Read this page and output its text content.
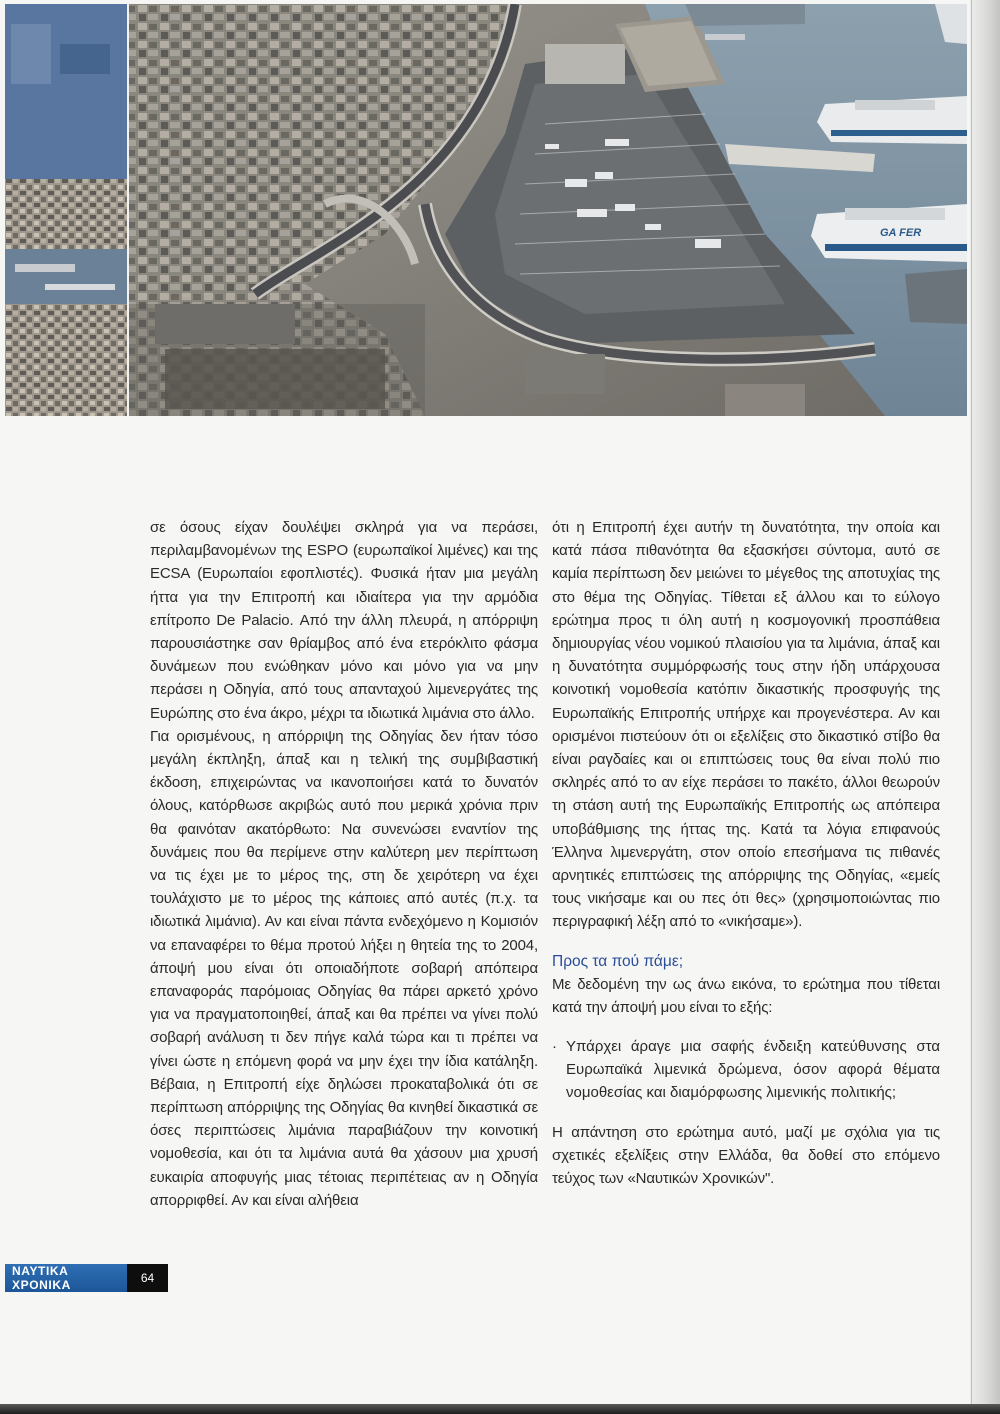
GA FER

σε όσους είχαν δουλέψει σκληρά για να περάσει, περιλαμβανομένων της ESPO (ευρωπαϊκοί λιμένες) και της ECSA (Ευρωπαίοι εφοπλιστές). Φυσικά ήταν μια μεγάλη ήττα για την Επιτροπή και ιδιαίτερα για την αρμόδια επίτροπο De Palacio. Από την άλλη πλευρά, η απόρριψη παρουσιάστηκε σαν θρίαμβος από ένα ετερόκλιτο φάσμα δυνάμεων που ενώθηκαν μόνο και μόνο για να μην περάσει η Οδηγία, από τους απανταχού λιμενεργάτες της Ευρώπης στο ένα άκρο, μέχρι τα ιδιωτικά λιμάνια στο άλλο.

Για ορισμένους, η απόρριψη της Οδηγίας δεν ήταν τόσο μεγάλη έκπληξη, άπαξ και η τελική της συμβιβαστική έκδοση, επιχειρώντας να ικανοποιήσει κατά το δυνατόν όλους, κατόρθωσε ακριβώς αυτό που μερικά χρόνια πριν θα φαινόταν ακατόρθωτο: Να συνενώσει εναντίον της δυνάμεις που θα περίμενε στην καλύτερη μεν περίπτωση να τις έχει με το μέρος της, στη δε χειρότερη να έχει τουλάχιστο με το μέρος της κάποιες από αυτές (π.χ. τα ιδιωτικά λιμάνια). Αν και είναι πάντα ενδεχόμενο η Κομισιόν να επαναφέρει το θέμα προτού λήξει η θητεία της το 2004, άποψή μου είναι ότι οποιαδήποτε σοβαρή απόπειρα επαναφοράς παρόμοιας Οδηγίας θα πάρει αρκετό χρόνο για να πραγματοποιηθεί, άπαξ και θα πρέπει να γίνει πολύ σοβαρή ανάλυση τι δεν πήγε καλά τώρα και τι πρέπει να γίνει ώστε η επόμενη φορά να μην έχει την ίδια κατάληξη. Βέβαια, η Επιτροπή είχε δηλώσει προκαταβολικά ότι σε περίπτωση απόρριψης της Οδηγίας θα κινηθεί δικαστικά σε όσες περιπτώσεις λιμάνια παραβιάζουν την κοινοτική νομοθεσία, και ότι τα λιμάνια αυτά θα χάσουν μια χρυσή ευκαιρία αποφυγής μιας τέτοιας περιπέτειας αν η Οδηγία απορριφθεί. Αν και είναι αλήθεια

ότι η Επιτροπή έχει αυτήν τη δυνατότητα, την οποία και κατά πάσα πιθανότητα θα εξασκήσει σύντομα, αυτό σε καμία περίπτωση δεν μειώνει το μέγεθος της αποτυχίας της στο θέμα της Οδηγίας. Τίθεται εξ άλλου και το εύλογο ερώτημα προς τι όλη αυτή η κοσμογονική προσπάθεια δημιουργίας νέου νομικού πλαισίου για τα λιμάνια, άπαξ και η δυνατότητα συμμόρφωσής τους στην ήδη υπάρχουσα κοινοτική νομοθεσία κατόπιν δικαστικής προσφυγής της Ευρωπαϊκής Επιτροπής υπήρχε και προγενέστερα. Αν και ορισμένοι πιστεύουν ότι οι εξελίξεις στο δικαστικό στίβο θα είναι ραγδαίες και οι επιπτώσεις τους θα είναι πολύ πιο σκληρές από το αν είχε περάσει το πακέτο, άλλοι θεωρούν τη στάση αυτή της Ευρωπαϊκής Επιτροπής ως απόπειρα υποβάθμισης της ήττας της. Κατά τα λόγια επιφανούς Έλληνα λιμενεργάτη, στον οποίο επεσήμανα τις πιθανές αρνητικές επιπτώσεις της απόρριψης της Οδηγίας, «εμείς τους νικήσαμε και ου πες ότι θες» (χρησιμοποιώντας πιο περιγραφική λέξη από το «νικήσαμε»).

Προς τα πού πάμε;

Με δεδομένη την ως άνω εικόνα, το ερώτημα που τίθεται κατά την άποψή μου είναι το εξής:

· Υπάρχει άραγε μια σαφής ένδειξη κατεύθυνσης στα Ευρωπαϊκά λιμενικά δρώμενα, όσον αφορά θέματα νομοθεσίας και διαμόρφωσης λιμενικής πολιτικής;

Η απάντηση στο ερώτημα αυτό, μαζί με σχόλια για τις σχετικές εξελίξεις στην Ελλάδα, θα δοθεί στο επόμενο τεύχος των «Ναυτικών Χρονικών".

ΝΑΥΤΙΚΑ ΧΡΟΝΙΚΑ	64
